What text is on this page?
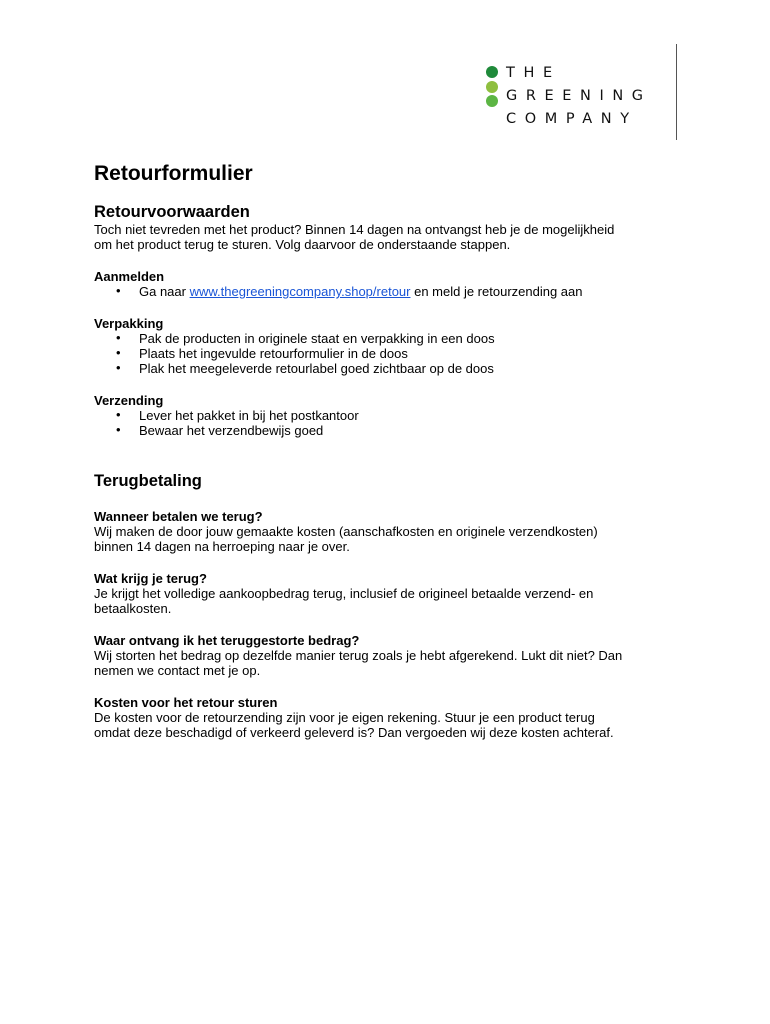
THE
GREENING
COMPANY
Retourformulier
Retourvoorwaarden

Toch niet tevreden met het product? Binnen 14 dagen na ontvangst heb je de mogelijkheid
om het product terug te sturen. Volg daarvoor de onderstaande stappen.

Aanmelden
• Ga naar www.thegreeningcompany.shop/retour en meld je retourzending aan
Verpakking
• Pak de producten in originele staat en verpakking in een doos
• Plaats het ingevulde retourformulier in de doos
• Plak het meegeleverde retourlabel goed zichtbaar op de doos
Verzending
• Lever het pakket in bij het postkantoor
• Bewaar het verzendbewijs goed
Terugbetaling
Wanneer betalen we terug?

Wij maken de door jouw gemaakte kosten (aanschafkosten en originele verzendkosten)
binnen 14 dagen na herroeping naar je over.

Wat krijg je terug?

Je krijgt het volledige aankoopbedrag terug, inclusief de origineel betaalde verzend- en
betaalkosten.

Waar ontvang ik het teruggestorte bedrag?

Wij storten het bedrag op dezelfde manier terug zoals je hebt afgerekend. Lukt dit niet? Dan
nemen we contact met je op.

Kosten voor het retour sturen

De kosten voor de retourzending zijn voor je eigen rekening. Stuur je een product terug
omdat deze beschadigd of verkeerd geleverd is? Dan vergoeden wij deze kosten achteraf.
